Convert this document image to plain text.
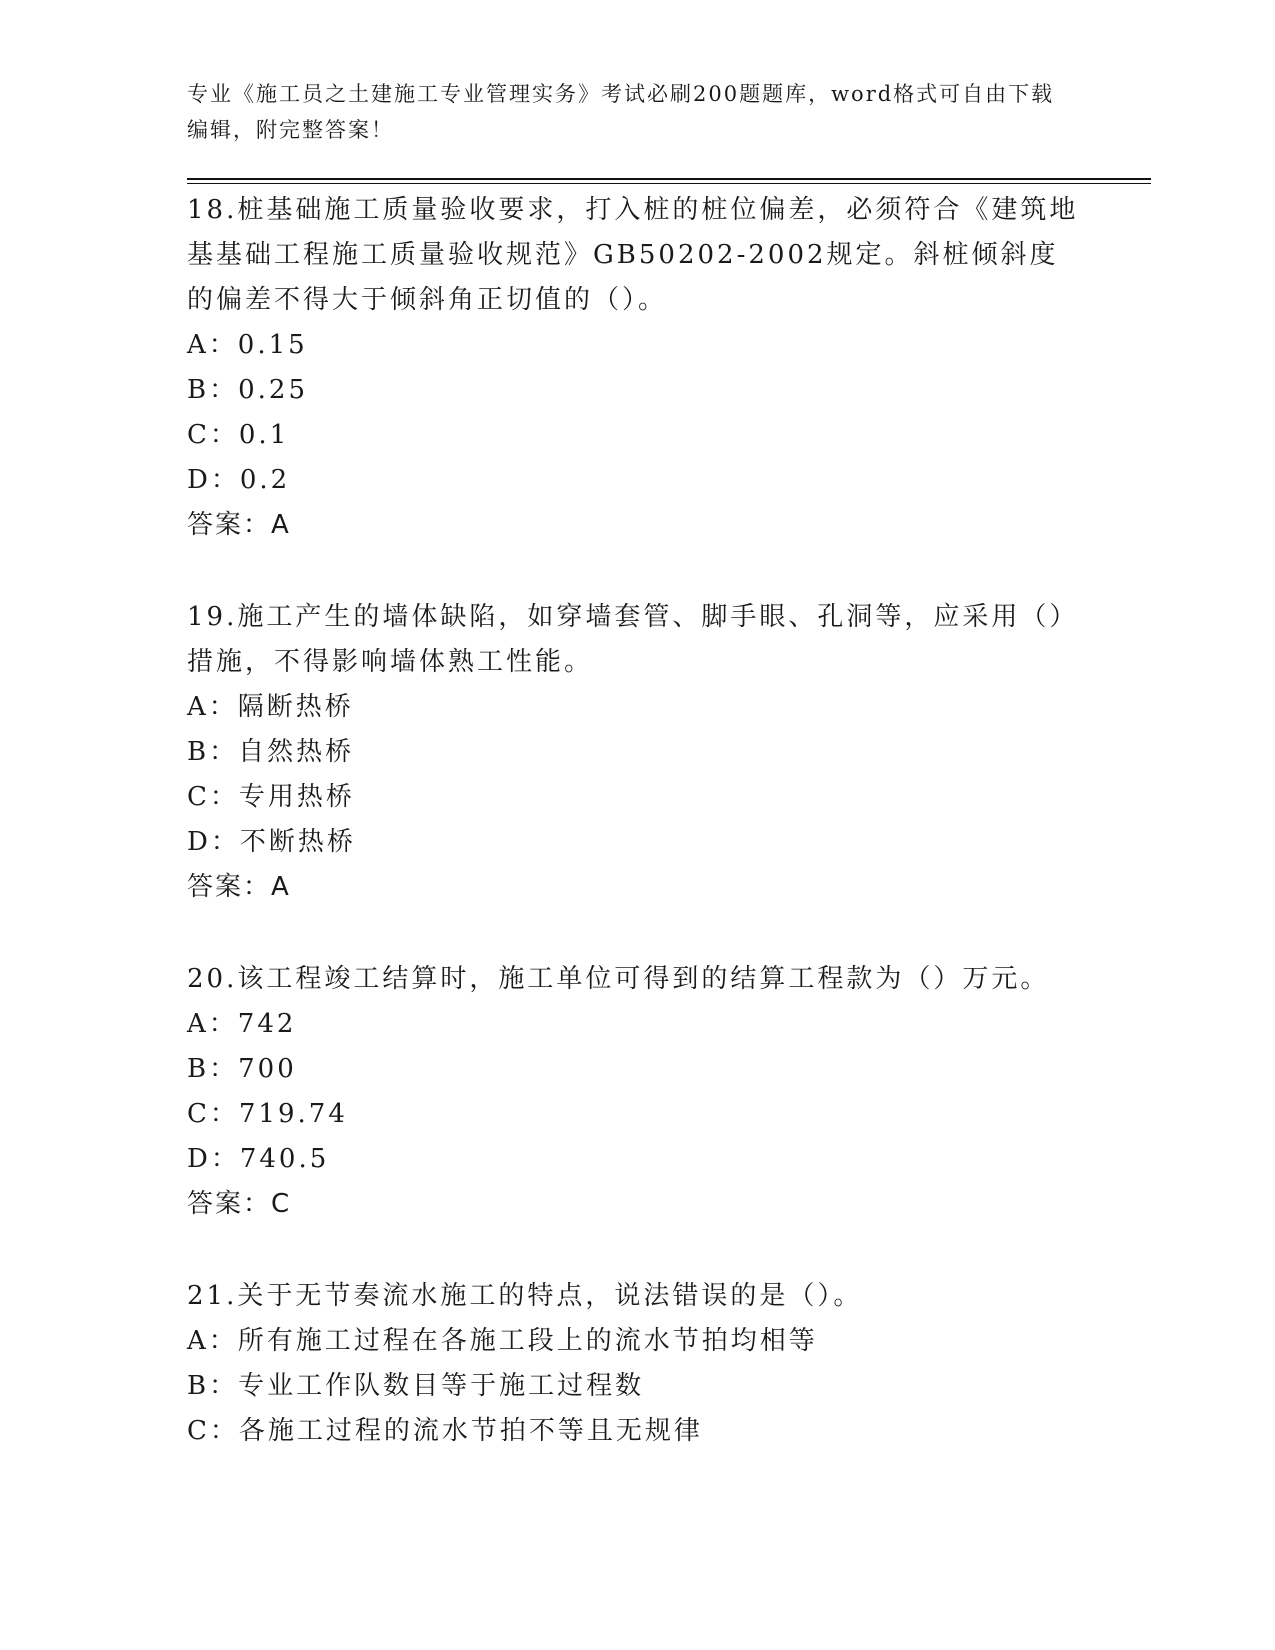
专业《施工员之土建施工专业管理实务》考试必刷200题题库，word格式可自由下载编辑，附完整答案！

18.桩基础施工质量验收要求，打入桩的桩位偏差，必须符合《建筑地基基础工程施工质量验收规范》GB50202-2002规定。斜桩倾斜度的偏差不得大于倾斜角正切值的（）。

A：0.15

B：0.25

C：0.1

D：0.2

答案：A

19.施工产生的墙体缺陷，如穿墙套管、脚手眼、孔洞等，应采用（）措施，不得影响墙体熟工性能。

A：隔断热桥

B：自然热桥

C：专用热桥

D：不断热桥

答案：A

20.该工程竣工结算时，施工单位可得到的结算工程款为（）万元。

A：742

B：700

C：719.74

D：740.5

答案：C

21.关于无节奏流水施工的特点，说法错误的是（）。

A：所有施工过程在各施工段上的流水节拍均相等

B：专业工作队数目等于施工过程数

C：各施工过程的流水节拍不等且无规律
